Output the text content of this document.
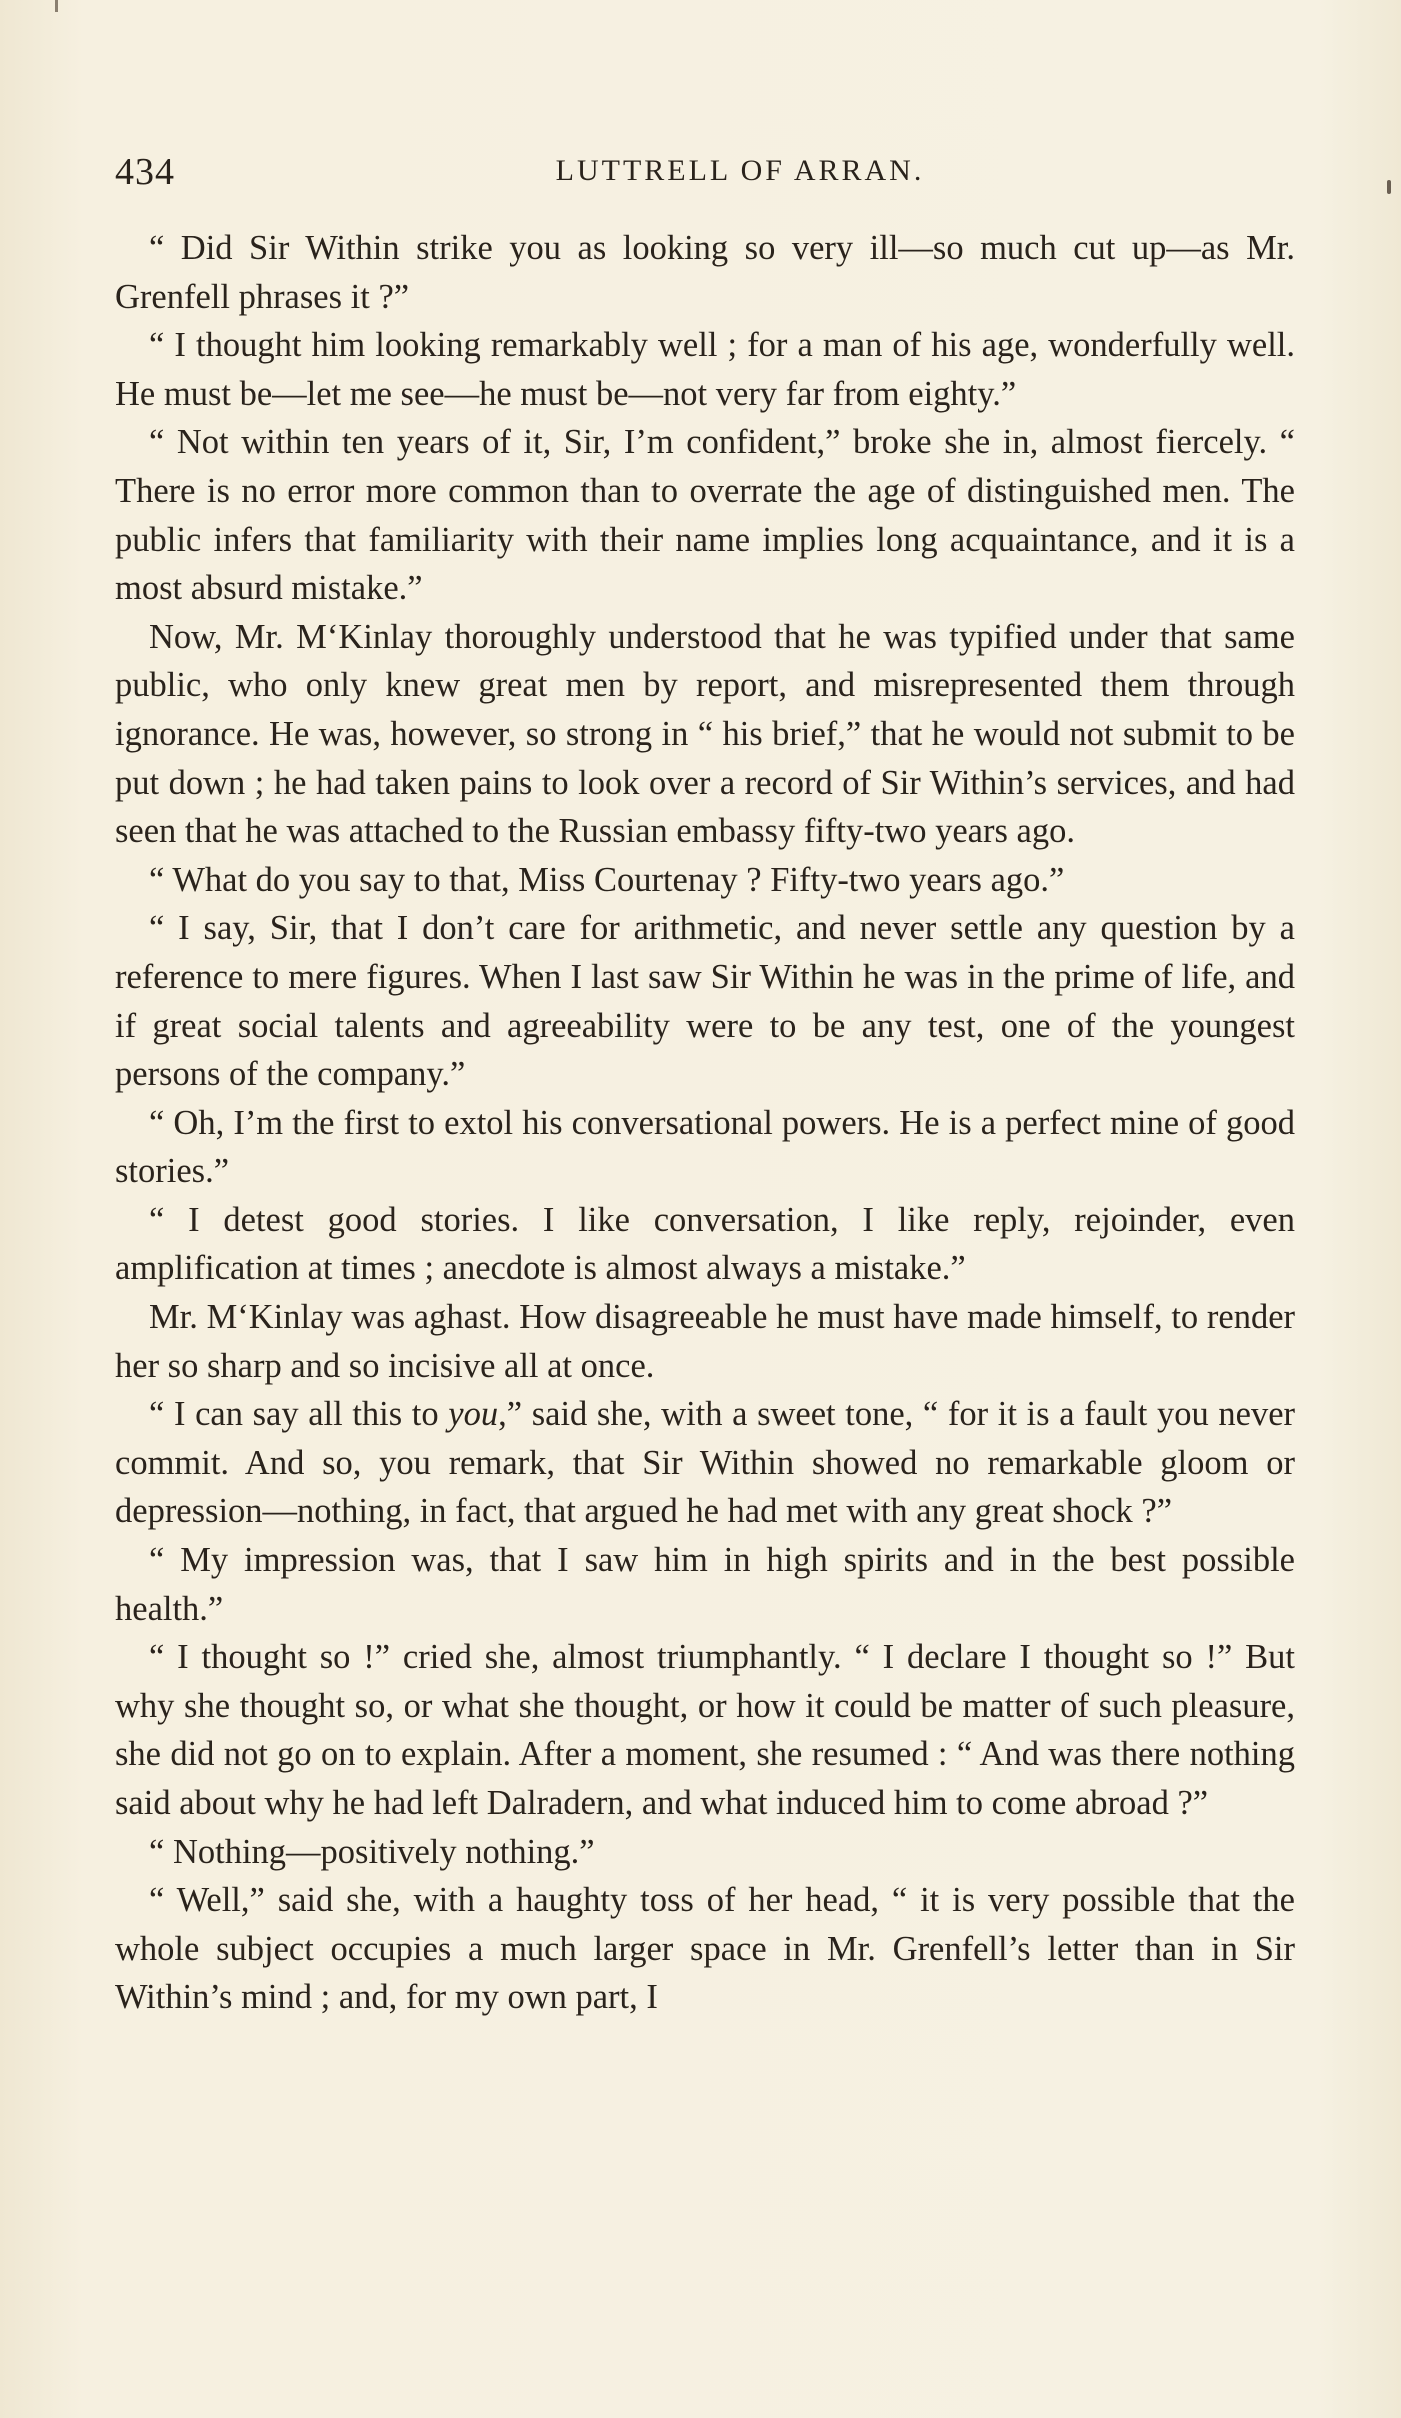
434	LUTTRELL OF ARRAN.

“ Did Sir Within strike you as looking so very ill—so much cut up—as Mr. Grenfell phrases it ?”

“ I thought him looking remarkably well ; for a man of his age, wonderfully well. He must be—let me see—he must be—not very far from eighty.”

“ Not within ten years of it, Sir, I’m confident,” broke she in, almost fiercely. “ There is no error more common than to overrate the age of distinguished men. The public infers that familiarity with their name implies long acquaintance, and it is a most absurd mistake.”

Now, Mr. M‘Kinlay thoroughly understood that he was typified under that same public, who only knew great men by report, and misrepresented them through ignorance. He was, however, so strong in “ his brief,” that he would not submit to be put down ; he had taken pains to look over a record of Sir Within’s services, and had seen that he was attached to the Russian embassy fifty-two years ago.

“ What do you say to that, Miss Courtenay ? Fifty-two years ago.”

“ I say, Sir, that I don’t care for arithmetic, and never settle any question by a reference to mere figures. When I last saw Sir Within he was in the prime of life, and if great social talents and agreeability were to be any test, one of the youngest persons of the company.”

“ Oh, I’m the first to extol his conversational powers. He is a perfect mine of good stories.”

“ I detest good stories. I like conversation, I like reply, rejoinder, even amplification at times ; anecdote is almost always a mistake.”

Mr. M‘Kinlay was aghast. How disagreeable he must have made himself, to render her so sharp and so incisive all at once.

“ I can say all this to you,” said she, with a sweet tone, “ for it is a fault you never commit. And so, you remark, that Sir Within showed no remarkable gloom or depression—nothing, in fact, that argued he had met with any great shock ?”

“ My impression was, that I saw him in high spirits and in the best possible health.”

“ I thought so !” cried she, almost triumphantly. “ I declare I thought so !” But why she thought so, or what she thought, or how it could be matter of such pleasure, she did not go on to explain. After a moment, she resumed : “ And was there nothing said about why he had left Dalradern, and what induced him to come abroad ?”

“ Nothing—positively nothing.”

“ Well,” said she, with a haughty toss of her head, “ it is very possible that the whole subject occupies a much larger space in Mr. Grenfell’s letter than in Sir Within’s mind ; and, for my own part, I
